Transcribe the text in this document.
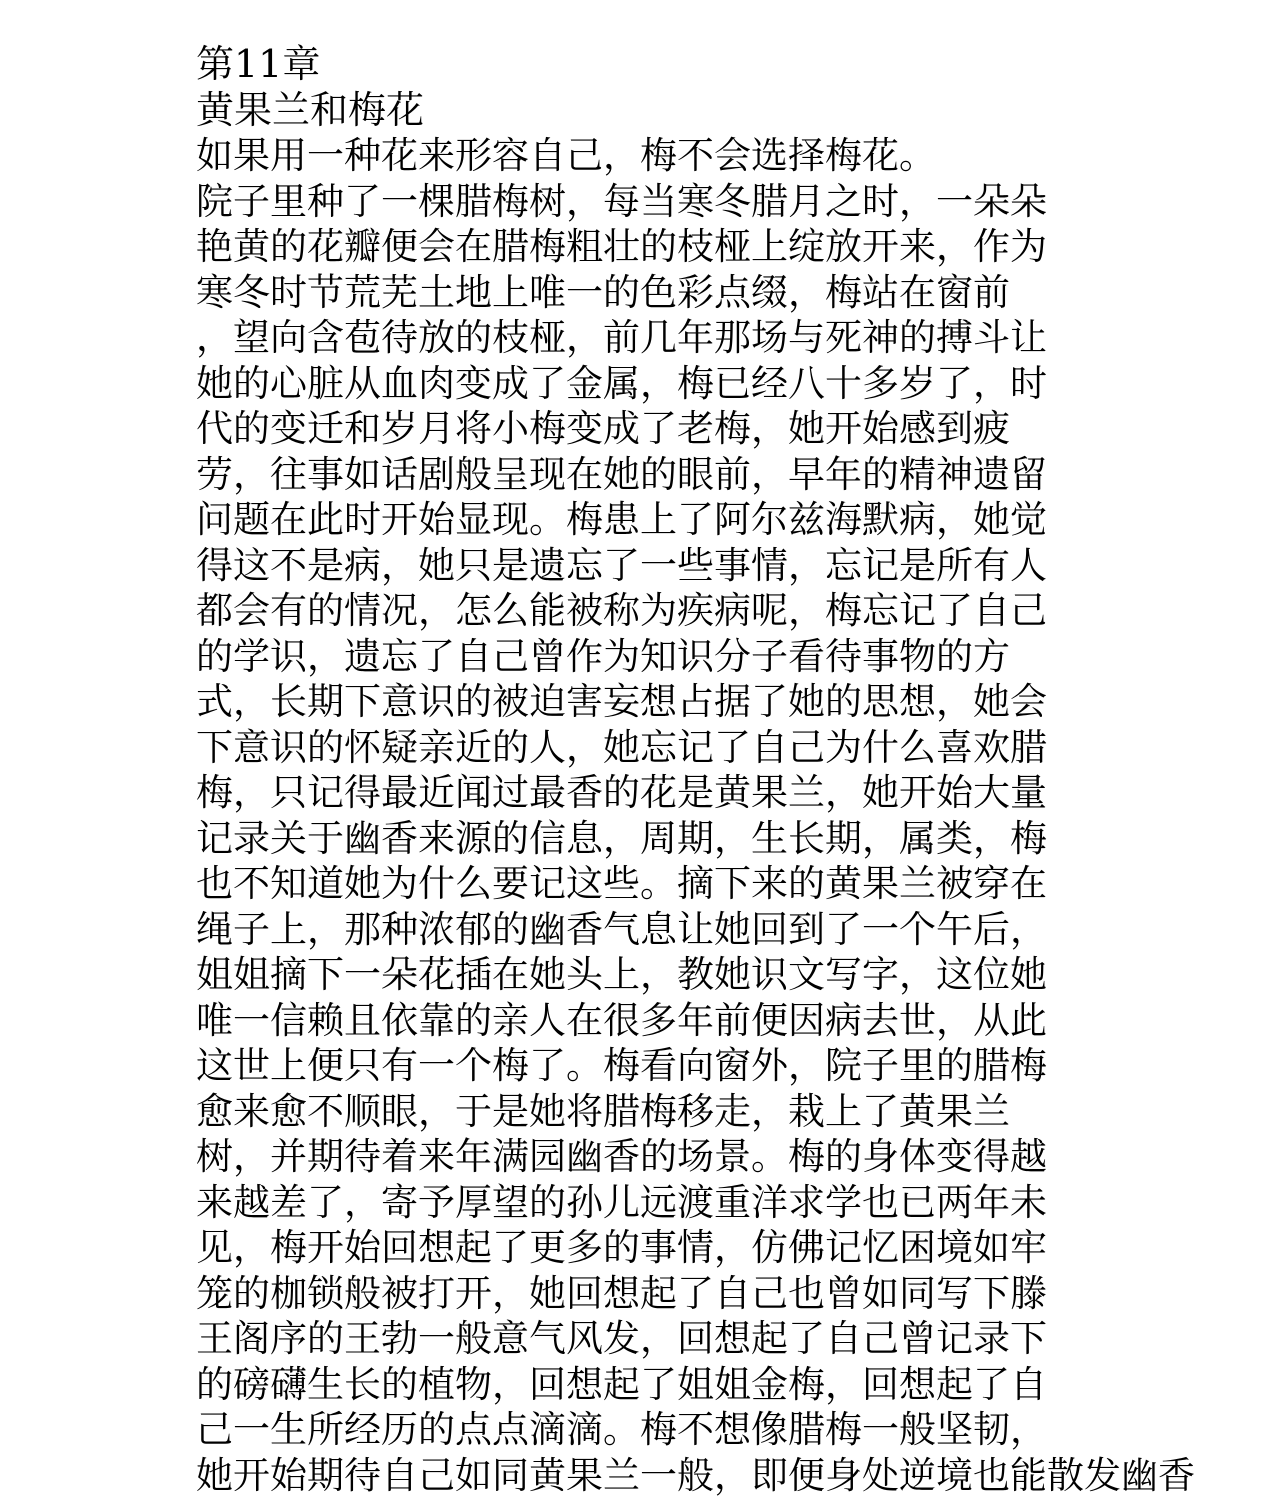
第11章
黄果兰和梅花
如果用一种花来形容自己，梅不会选择梅花。
院子里种了一棵腊梅树，每当寒冬腊月之时，一朵朵
艳黄的花瓣便会在腊梅粗壮的枝桠上绽放开来，作为
寒冬时节荒芜土地上唯一的色彩点缀，梅站在窗前
，望向含苞待放的枝桠，前几年那场与死神的搏斗让
她的心脏从血肉变成了金属，梅已经八十多岁了，时
代的变迁和岁月将小梅变成了老梅，她开始感到疲
劳，往事如话剧般呈现在她的眼前，早年的精神遗留
问题在此时开始显现。梅患上了阿尔兹海默病，她觉
得这不是病，她只是遗忘了一些事情，忘记是所有人
都会有的情况，怎么能被称为疾病呢，梅忘记了自己
的学识，遗忘了自己曾作为知识分子看待事物的方
式，长期下意识的被迫害妄想占据了她的思想，她会
下意识的怀疑亲近的人，她忘记了自己为什么喜欢腊
梅，只记得最近闻过最香的花是黄果兰，她开始大量
记录关于幽香来源的信息，周期，生长期，属类，梅
也不知道她为什么要记这些。摘下来的黄果兰被穿在
绳子上，那种浓郁的幽香气息让她回到了一个午后，
姐姐摘下一朵花插在她头上，教她识文写字，这位她
唯一信赖且依靠的亲人在很多年前便因病去世，从此
这世上便只有一个梅了。梅看向窗外，院子里的腊梅
愈来愈不顺眼，于是她将腊梅移走，栽上了黄果兰
树，并期待着来年满园幽香的场景。梅的身体变得越
来越差了，寄予厚望的孙儿远渡重洋求学也已两年未
见，梅开始回想起了更多的事情，仿佛记忆困境如牢
笼的枷锁般被打开，她回想起了自己也曾如同写下滕
王阁序的王勃一般意气风发，回想起了自己曾记录下
的磅礴生长的植物，回想起了姐姐金梅，回想起了自
己一生所经历的点点滴滴。梅不想像腊梅一般坚韧，
她开始期待自己如同黄果兰一般，即便身处逆境也能散发幽香
